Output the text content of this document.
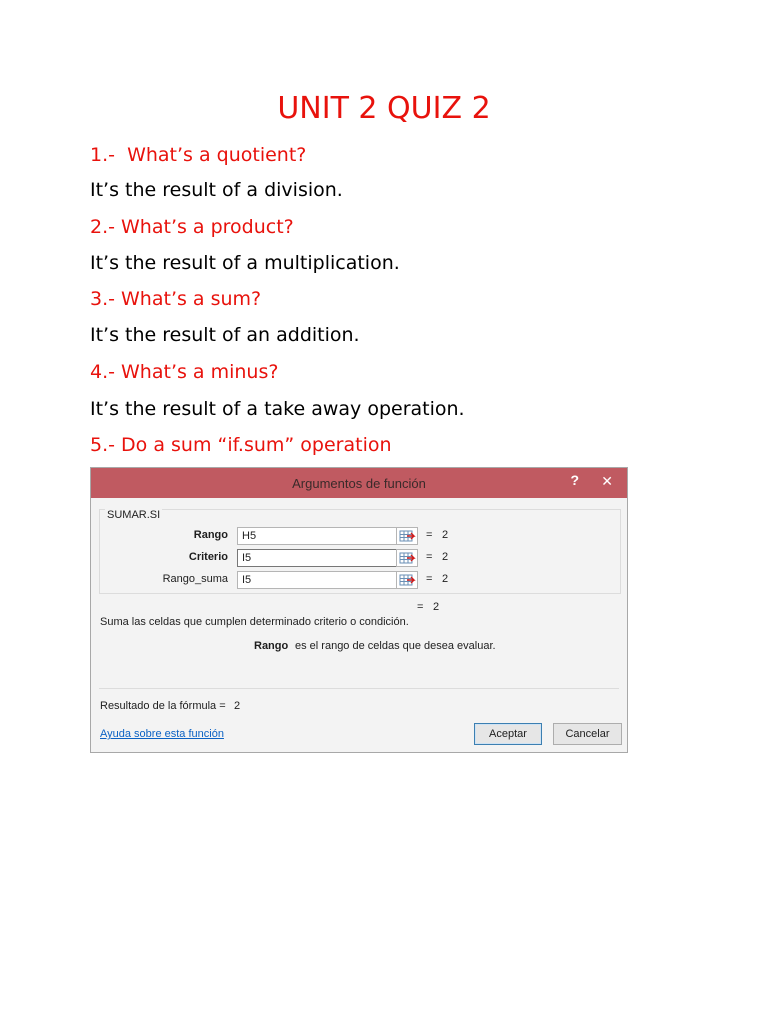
UNIT 2 QUIZ 2
1.-  What’s a quotient?
It’s the result of a division.
2.- What’s a product?
It’s the result of a multiplication.
3.- What’s a sum?
It’s the result of an addition.
4.- What’s a minus?
It’s the result of a take away operation.
5.- Do a sum “if.sum” operation
Argumentos de función	? ✕
SUMAR.SI
Rango	H5	= 2
Criterio	I5	= 2
Rango_suma	I5	= 2
= 2
Suma las celdas que cumplen determinado criterio o condición.
Rango es el rango de celdas que desea evaluar.
Resultado de la fórmula = 2
Ayuda sobre esta función	Aceptar	Cancelar
